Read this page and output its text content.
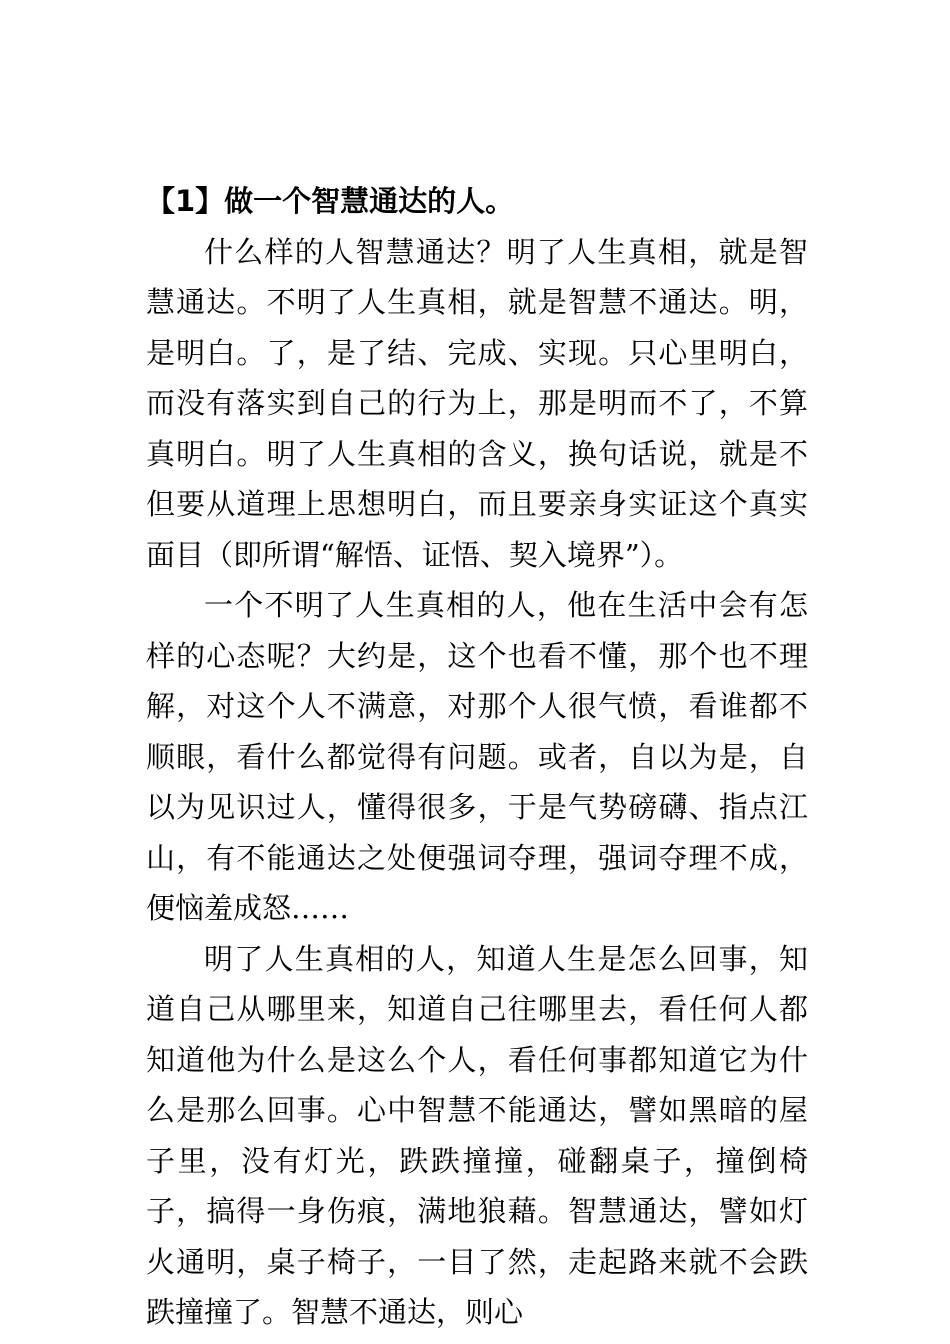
【1】做一个智慧通达的人。

什么样的人智慧通达？明了人生真相，就是智慧通达。不明了人生真相，就是智慧不通达。明，是明白。了，是了结、完成、实现。只心里明白，而没有落实到自己的行为上，那是明而不了，不算真明白。明了人生真相的含义，换句话说，就是不但要从道理上思想明白，而且要亲身实证这个真实面目（即所谓“解悟、证悟、契入境界”）。

一个不明了人生真相的人，他在生活中会有怎样的心态呢？大约是，这个也看不懂，那个也不理解，对这个人不满意，对那个人很气愤，看谁都不顺眼，看什么都觉得有问题。或者，自以为是，自以为见识过人，懂得很多，于是气势磅礴、指点江山，有不能通达之处便强词夺理，强词夺理不成，便恼羞成怒……

明了人生真相的人，知道人生是怎么回事，知道自己从哪里来，知道自己往哪里去，看任何人都知道他为什么是这么个人，看任何事都知道它为什么是那么回事。心中智慧不能通达，譬如黑暗的屋子里，没有灯光，跌跌撞撞，碰翻桌子，撞倒椅子，搞得一身伤痕，满地狼藉。智慧通达，譬如灯火通明，桌子椅子，一目了然，走起路来就不会跌跌撞撞了。智慧不通达，则心
